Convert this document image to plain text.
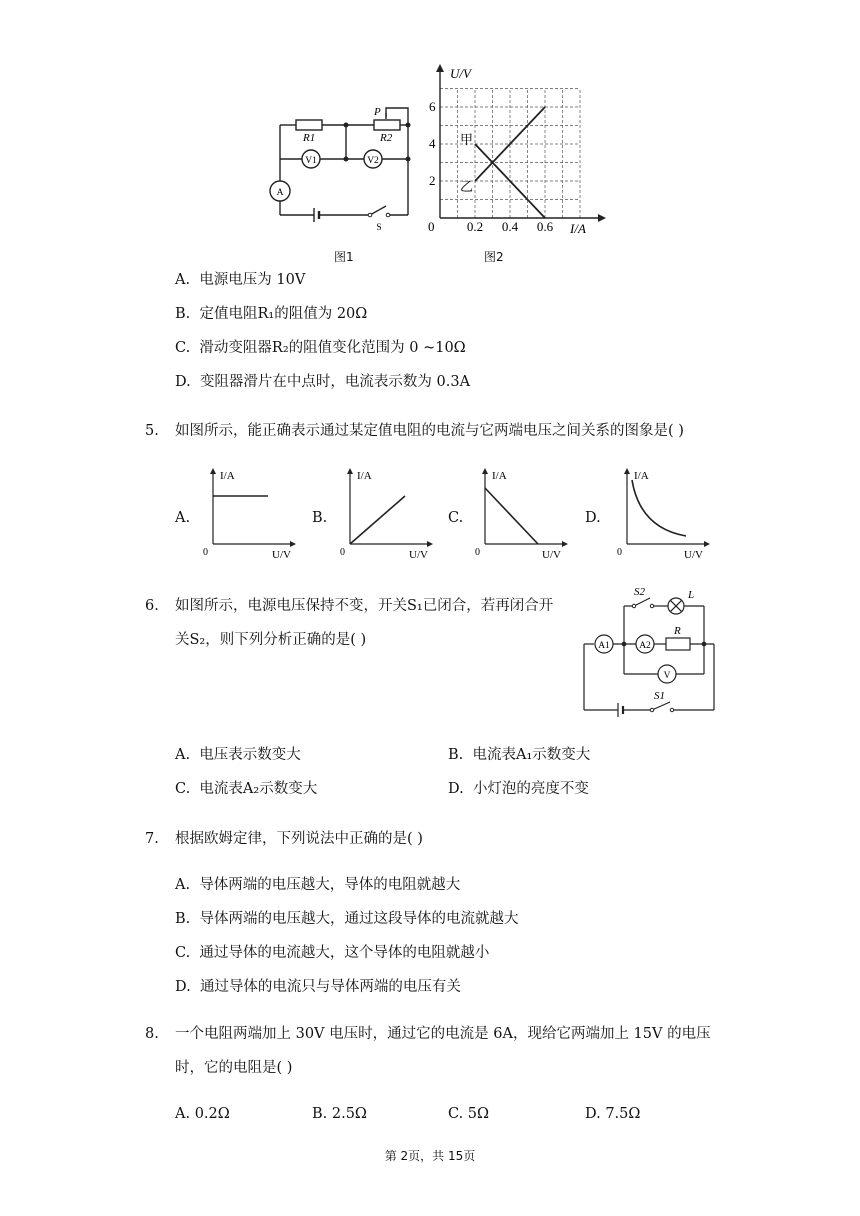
R1	R2
P
V1	V2
A
S
图1
0.2 0.4 0.6
2
4
6
U/V
I/A
0
甲
乙
图2
A. 电源电压为 10V
B. 定值电阻R₁的阻值为 20Ω
C. 滑动变阻器R₂的阻值变化范围为 0 ~10Ω
D. 变阻器滑片在中点时，电流表示数为 0.3A
5. 如图所示，能正确表示通过某定值电阻的电流与它两端电压之间关系的图象是( )
A.	B.	C.	D.
I/A
U/V
0
I/A
U/V
0
I/A
U/V
0
I/A
U/V
0
6. 如图所示，电源电压保持不变，开关S₁已闭合，若再闭合开
关S₂，则下列分析正确的是( )
S2	L
R
S1
A1	A2
V
A. 电压表示数变大	B. 电流表A₁示数变大
C. 电流表A₂示数变大	D. 小灯泡的亮度不变
7. 根据欧姆定律，下列说法中正确的是( )
A. 导体两端的电压越大，导体的电阻就越大
B. 导体两端的电压越大，通过这段导体的电流就越大
C. 通过导体的电流越大，这个导体的电阻就越小
D. 通过导体的电流只与导体两端的电压有关
8. 一个电阻两端加上 30V 电压时，通过它的电流是 6A，现给它两端加上 15V 的电压
时，它的电阻是( )
A. 0.2Ω	B. 2.5Ω	C. 5Ω	D. 7.5Ω
第 2页，共 15页
